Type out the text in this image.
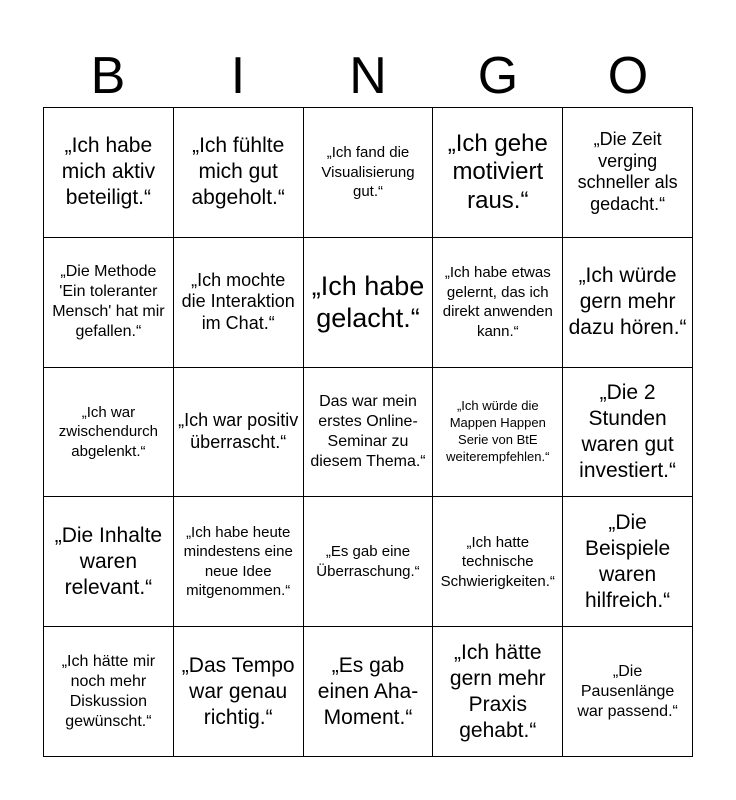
B	I	N	G	O
„Ich habe mich aktiv beteiligt.“
„Ich fühlte mich gut abgeholt.“
„Ich fand die Visualisierung gut.“
„Ich gehe motiviert raus.“
„Die Zeit verging schneller als gedacht.“
„Die Methode 'Ein toleranter Mensch' hat mir gefallen.“
„Ich mochte die Interaktion im Chat.“
„Ich habe gelacht.“
„Ich habe etwas gelernt, das ich direkt anwenden kann.“
„Ich würde gern mehr dazu hören.“
„Ich war zwischendurch abgelenkt.“
„Ich war positiv überrascht.“
Das war mein erstes Online-Seminar zu diesem Thema.“
„Ich würde die Mappen Happen Serie von BtE weiterempfehlen.“
„Die 2 Stunden waren gut investiert.“
„Die Inhalte waren relevant.“
„Ich habe heute mindestens eine neue Idee mitgenommen.“
„Es gab eine Überraschung.“
„Ich hatte technische Schwierigkeiten.“
„Die Beispiele waren hilfreich.“
„Ich hätte mir noch mehr Diskussion gewünscht.“
„Das Tempo war genau richtig.“
„Es gab einen Aha-Moment.“
„Ich hätte gern mehr Praxis gehabt.“
„Die Pausenlänge war passend.“
